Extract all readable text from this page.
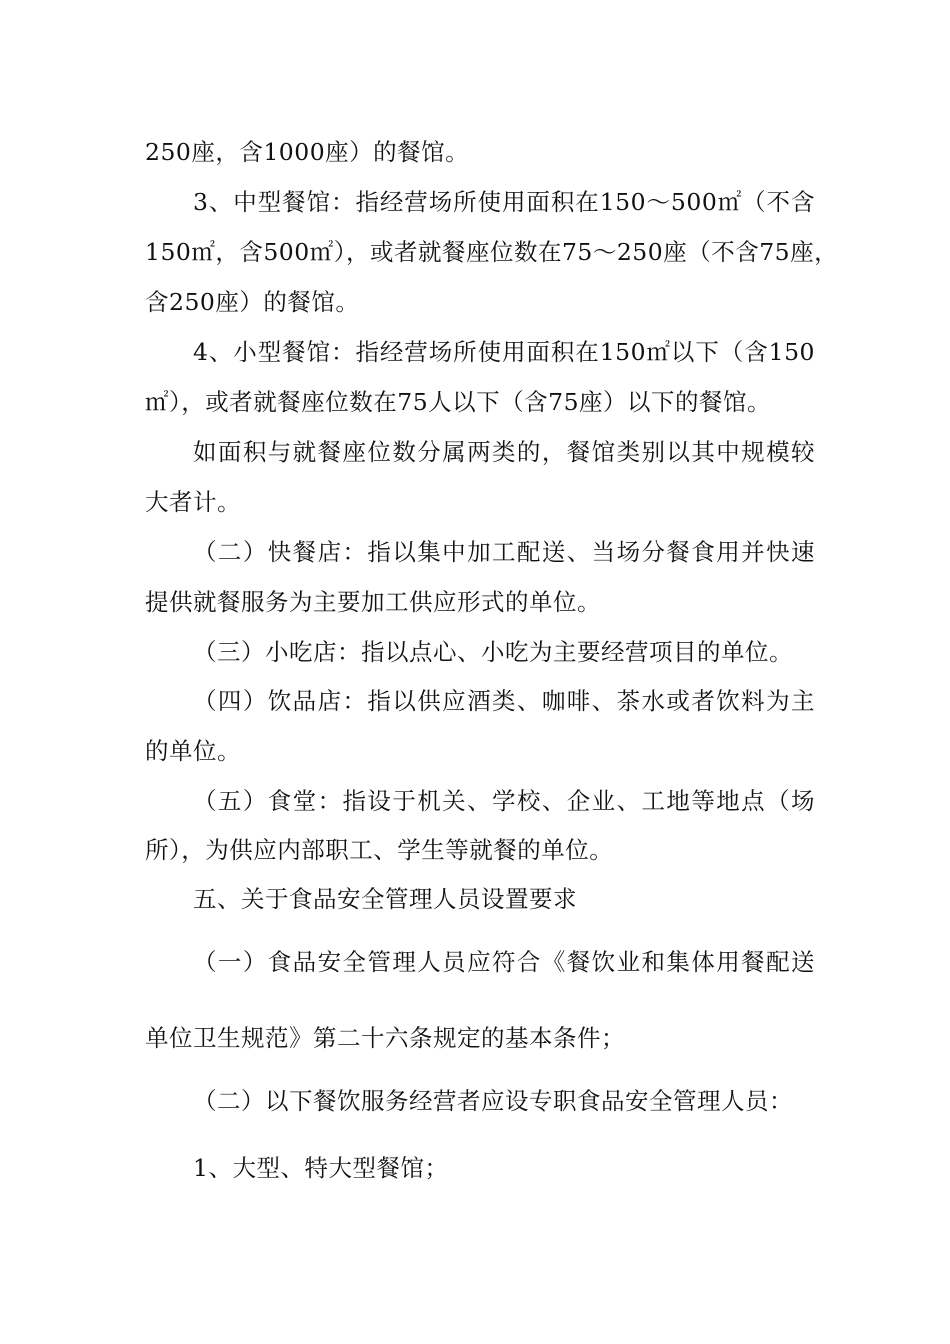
250座，含1000座）的餐馆。
3、中型餐馆：指经营场所使用面积在150～500㎡（不含
150㎡，含500㎡），或者就餐座位数在75～250座（不含75座，
含250座）的餐馆。
4、小型餐馆：指经营场所使用面积在150㎡以下（含150
㎡），或者就餐座位数在75人以下（含75座）以下的餐馆。
如面积与就餐座位数分属两类的，餐馆类别以其中规模较
大者计。
（二）快餐店：指以集中加工配送、当场分餐食用并快速
提供就餐服务为主要加工供应形式的单位。
（三）小吃店：指以点心、小吃为主要经营项目的单位。
（四）饮品店：指以供应酒类、咖啡、茶水或者饮料为主
的单位。
（五）食堂：指设于机关、学校、企业、工地等地点（场
所），为供应内部职工、学生等就餐的单位。
五、关于食品安全管理人员设置要求
（一）食品安全管理人员应符合《餐饮业和集体用餐配送
单位卫生规范》第二十六条规定的基本条件；
（二）以下餐饮服务经营者应设专职食品安全管理人员：
1、大型、特大型餐馆；
